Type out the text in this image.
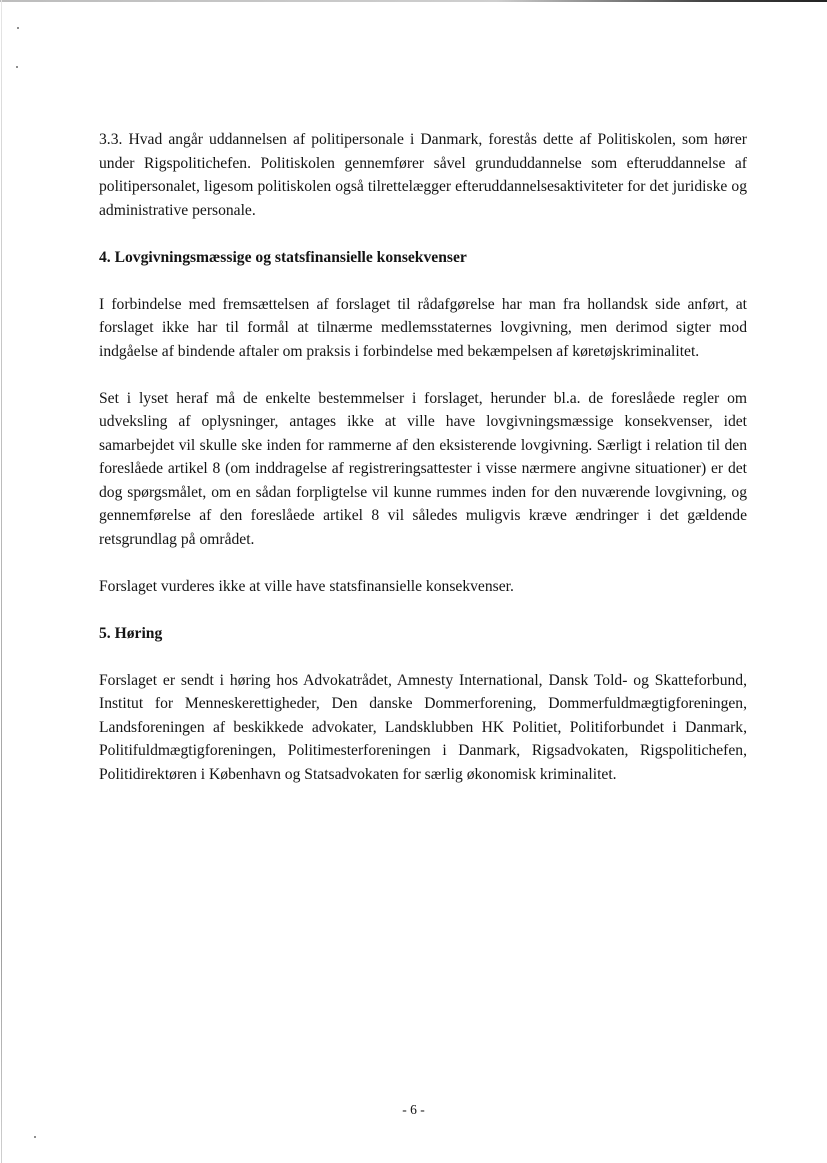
3.3. Hvad angår uddannelsen af politipersonale i Danmark, forestås dette af Politiskolen, som hører under Rigspolitichefen. Politiskolen gennemfører såvel grunduddannelse som efteruddannelse af politipersonalet, ligesom politiskolen også tilrettelægger efteruddannelsesaktiviteter for det juridiske og administrative personale.

4. Lovgivningsmæssige og statsfinansielle konsekvenser

I forbindelse med fremsættelsen af forslaget til rådafgørelse har man fra hollandsk side anført, at forslaget ikke har til formål at tilnærme medlemsstaternes lovgivning, men derimod sigter mod indgåelse af bindende aftaler om praksis i forbindelse med bekæmpelsen af køretøjskriminalitet.

Set i lyset heraf må de enkelte bestemmelser i forslaget, herunder bl.a. de foreslåede regler om udveksling af oplysninger, antages ikke at ville have lovgivningsmæssige konsekvenser, idet samarbejdet vil skulle ske inden for rammerne af den eksisterende lovgivning. Særligt i relation til den foreslåede artikel 8 (om inddragelse af registreringsattester i visse nærmere angivne situationer) er det dog spørgsmålet, om en sådan forpligtelse vil kunne rummes inden for den nuværende lovgivning, og gennemførelse af den foreslåede artikel 8 vil således muligvis kræve ændringer i det gældende retsgrundlag på området.

Forslaget vurderes ikke at ville have statsfinansielle konsekvenser.

5. Høring

Forslaget er sendt i høring hos Advokatrådet, Amnesty International, Dansk Told- og Skatteforbund, Institut for Menneskerettigheder, Den danske Dommerforening, Dommerfuldmægtigforeningen, Landsforeningen af beskikkede advokater, Landsklubben HK Politiet, Politiforbundet i Danmark, Politifuldmægtigforeningen, Politimesterforeningen i Danmark, Rigsadvokaten, Rigspolitichefen, Politidirektøren i København og Statsadvokaten for særlig økonomisk kriminalitet.

- 6 -
